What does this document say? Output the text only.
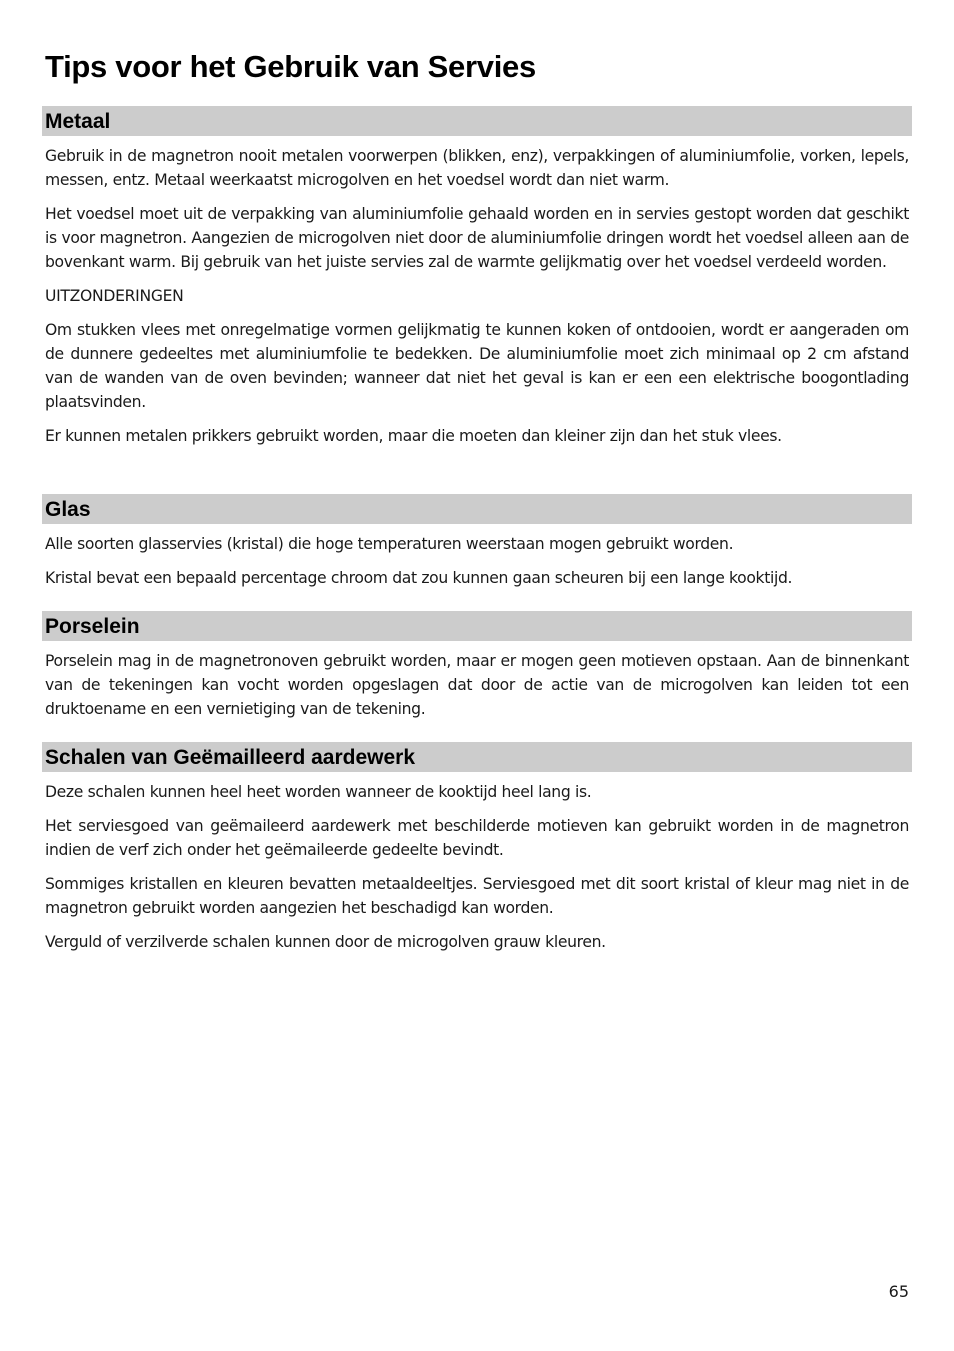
Tips voor het Gebruik van Servies
Metaal

Gebruik in de magnetron nooit metalen voorwerpen (blikken, enz), verpakkingen of aluminiumfolie, vorken, lepels, messen, entz. Metaal weerkaatst microgolven en het voedsel wordt dan niet warm.

Het voedsel moet uit de verpakking van aluminiumfolie gehaald worden en in servies gestopt worden dat geschikt is voor magnetron. Aangezien de microgolven niet door de aluminiumfolie dringen wordt het voedsel alleen aan de bovenkant warm. Bij gebruik van het juiste servies zal de warmte gelijkmatig over het voedsel verdeeld worden.

UITZONDERINGEN

Om stukken vlees met onregelmatige vormen gelijkmatig te kunnen koken of ontdooien, wordt er aangeraden om de dunnere gedeeltes met aluminiumfolie te bedekken. De aluminiumfolie moet zich minimaal op 2 cm afstand van de wanden van de oven bevinden; wanneer dat niet het geval is kan er een een elektrische boogontlading plaatsvinden.

Er kunnen metalen prikkers gebruikt worden, maar die moeten dan kleiner zijn dan het stuk vlees.

Glas

Alle soorten glasservies (kristal) die hoge temperaturen weerstaan mogen gebruikt worden.

Kristal bevat een bepaald percentage chroom dat zou kunnen gaan scheuren bij een lange kooktijd.

Porselein

Porselein mag in de magnetronoven gebruikt worden, maar er mogen geen motieven opstaan. Aan de binnenkant van de tekeningen kan vocht worden opgeslagen dat door de actie van de microgolven kan leiden tot een druktoename en een vernietiging van de tekening.

Schalen van Geëmailleerd aardewerk

Deze schalen kunnen heel heet worden wanneer de kooktijd heel lang is.

Het serviesgoed van geëmaileerd aardewerk met beschilderde motieven kan gebruikt worden in de magnetron indien de verf zich onder het geëmaileerde gedeelte bevindt.

Sommiges kristallen en kleuren bevatten metaaldeeltjes. Serviesgoed met dit soort kristal of kleur mag niet in de magnetron gebruikt worden aangezien het beschadigd kan worden.

Verguld of verzilverde schalen kunnen door de microgolven grauw kleuren.

65
